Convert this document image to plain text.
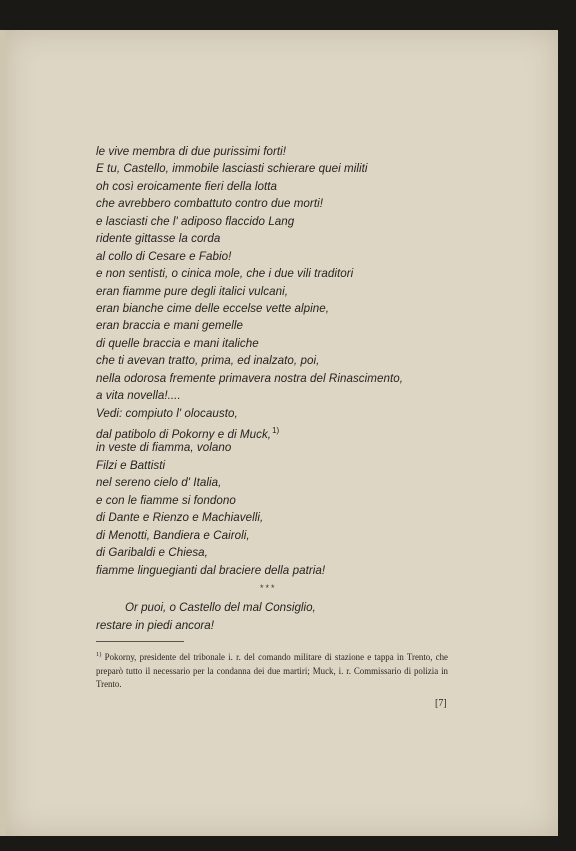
le vive membra di due purissimi forti!
E tu, Castello, immobile lasciasti schierare quei militi
oh così eroicamente fieri della lotta
che avrebbero combattuto contro due morti!
e lasciasti che l' adiposo flaccido Lang
ridente gittasse la corda
al collo di Cesare e Fabio!
e non sentisti, o cinica mole, che i due vili traditori
eran fiamme pure degli italici vulcani,
eran bianche cime delle eccelse vette alpine,
eran braccia e mani gemelle
di quelle braccia e mani italiche
che ti avevan tratto, prima, ed inalzato, poi,
nella odorosa fremente primavera nostra del Rinascimento,
a vita novella!....
Vedi: compiuto l' olocausto,
dal patibolo di Pokorny e di Muck,$^{1)}$
in veste di fiamma, volano
Filzi e Battisti
nel sereno cielo d' Italia,
e con le fiamme si fondono
di Dante e Rienzo e Machiavelli,
di Menotti, Bandiera e Cairoli,
di Garibaldi e Chiesa,
fiamme linguegianti dal braciere della patria!
***
Or puoi, o Castello del mal Consiglio,
restare in piedi ancora!
$^{1)}$ Pokorny, presidente del tribonale i. r. del comando militare di stazione e tappa in Trento, che preparò tutto il necessario per la condanna dei due martiri; Muck, i. r. Commissario di polizia in Trento.
[7]
